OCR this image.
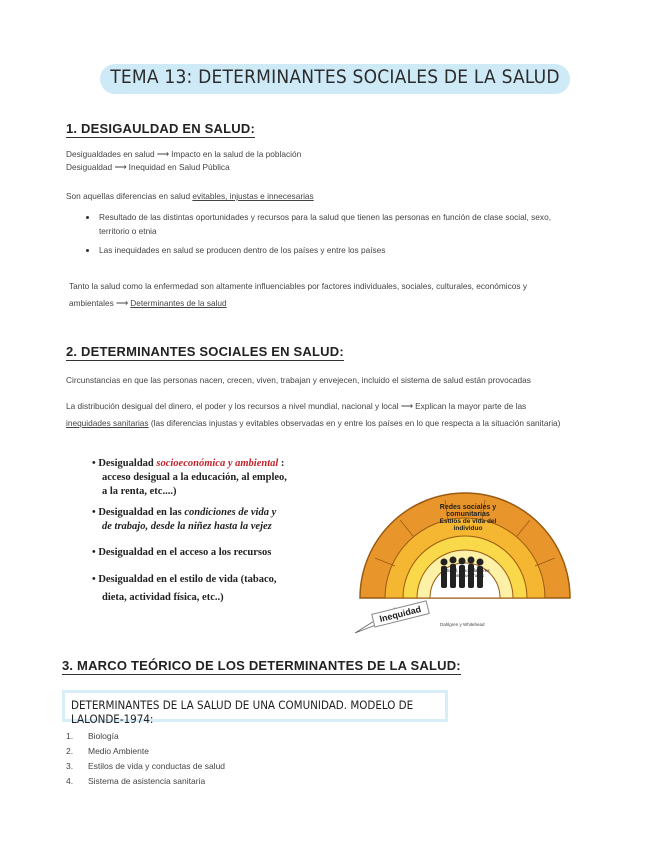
TEMA 13: DETERMINANTES SOCIALES DE LA SALUD
1. DESIGAULDAD EN SALUD:
Desigualdades en salud ⟶ Impacto en la salud de la población
Desigualdad ⟶ Inequidad en Salud Pública
Son aquellas diferencias en salud evitables, injustas e innecesarias
Resultado de las distintas oportunidades y recursos para la salud que tienen las personas en función de clase social, sexo,
territorio o etnia
Las inequidades en salud se producen dentro de los países y entre los países
Tanto la salud como la enfermedad son altamente influenciables por factores individuales, sociales, culturales, económicos y
ambientales ⟶ Determinantes de la salud
2. DETERMINANTES SOCIALES EN SALUD:
Circunstancias en que las personas nacen, crecen, viven, trabajan y envejecen, incluido el sistema de salud están provocadas
La distribución desigual del dinero, el poder y los recursos a nivel mundial, nacional y local ⟶ Explican la mayor parte de las
inequidades sanitarias (las diferencias injustas y evitables observadas en y entre los países en lo que respecta a la situación sanitaria)
• Desigualdad socioeconómica y ambiental :
acceso desigual a la educación, al empleo,
a la renta, etc....)
• Desigualdad en las condiciones de vida y
de trabajo, desde la niñez hasta la vejez
• Desigualdad en el acceso a los recursos
• Desigualdad en el estilo de vida (tabaco,
dieta, actividad física, etc..)
Condiciones socioeconómicas, culturales y ambientales
Redes sociales y comunitarias
Estilos de vida del individuo
Edad, sexo y factores constitucionales
Inequidad
Dahlgren y Whitehead
3. MARCO TEÓRICO DE LOS DETERMINANTES DE LA SALUD:
DETERMINANTES DE LA SALUD DE UNA COMUNIDAD. MODELO DE LALONDE-1974:
1. Biología
2. Medio Ambiente
3. Estilos de vida y conductas de salud
4. Sistema de asistencia sanitaria
